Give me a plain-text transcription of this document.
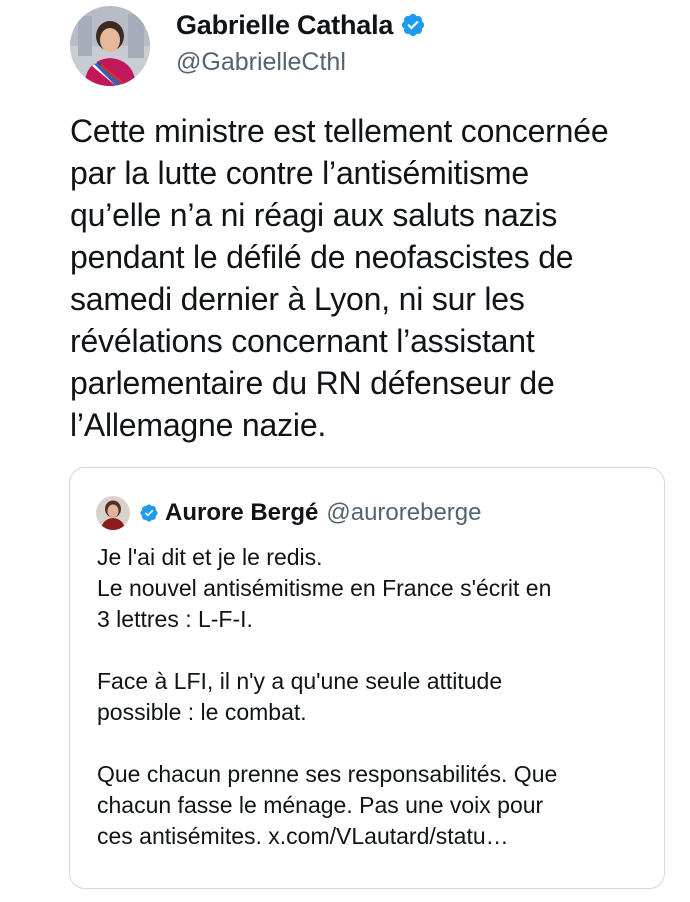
Gabrielle Cathala
@GabrielleCthl
Cette ministre est tellement concernée
par la lutte contre l’antisémitisme
qu’elle n’a ni réagi aux saluts nazis
pendant le défilé de neofascistes de
samedi dernier à Lyon, ni sur les
révélations concernant l’assistant
parlementaire du RN défenseur de
l’Allemagne nazie.
Aurore Bergé @auroreberge
Je l'ai dit et je le redis.
Le nouvel antisémitisme en France s'écrit en
3 lettres : L-F-I.
Face à LFI, il n'y a qu'une seule attitude
possible : le combat.
Que chacun prenne ses responsabilités. Que
chacun fasse le ménage. Pas une voix pour
ces antisémites. x.com/VLautard/statu…
